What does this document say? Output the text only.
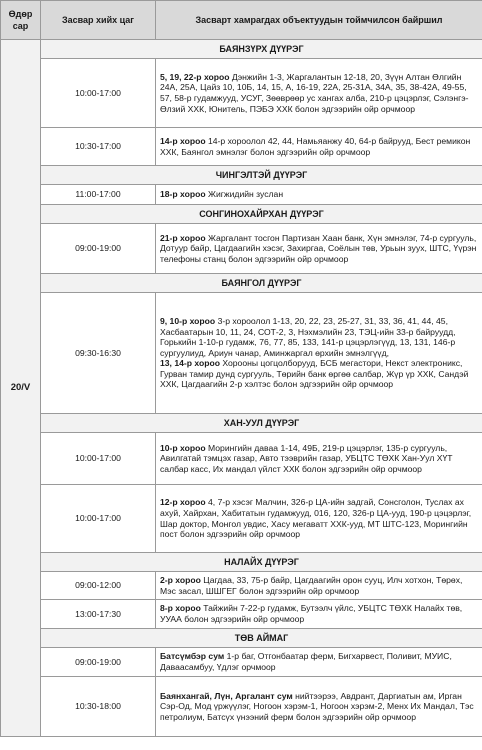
Өдөр
сар	Засвар хийх цаг	Засварт хамрагдах объектуудын тоймчилсон байршил
20/V	БАЯНЗҮРХ ДҮҮРЭГ	
	10:00-17:00	5, 19, 22-р хороо Дэнжийн 1-3, Жаргалантын 12-18, 20, Зүүн Алтан Өлгийн 24А, 25А, Цайз 10, 10Б, 14, 15, А, 16-19, 22А, 25-31А, 34А, 35, 38-42А, 49-55, 57, 58-р гудамжууд, УСУГ, Зөөврөөр ус хангах алба, 210-р цэцэрлэг, Сэлэнгэ-Өлзий ХХК, Юнитель, ПЭБЭ ХХК болон эдгээрийн ойр орчмоор
	10:30-17:00	14-р хороо 14-р хороолол 42, 44, Намьяанжу 40, 64-р байрууд, Бест ремикон ХХК, Баянгол эмнэлэг болон эдгээрийн ойр орчмоор
	ЧИНГЭЛТЭЙ ДҮҮРЭГ	
	11:00-17:00	18-р хороо Жигжидийн зуслан
	СОНГИНОХАЙРХАН ДҮҮРЭГ	
	09:00-19:00	21-р хороо Жаргалант тосгон Партизан Хаан банк, Хүн эмнэлэг, 74-р сургууль, Дотуур байр, Цагдаагийн хэсэг, Захиргаа, Соёлын төв, Урьын зуух, ШТС, Үүрэн телефоны станц болон эдгээрийн ойр орчмоор
	БАЯНГОЛ ДҮҮРЭГ	
	09:30-16:30	9, 10-р хороо 3-р хороолол 1-13, 20, 22, 23, 25-27, 31, 33, 36, 41, 44, 45, Хасбаатарын 10, 11, 24, СОТ-2, 3, Нэхмэлийн 23, ТЭЦ-ийн 33-р байруудд, Горькийн 1-10-р гудамж, 76, 77, 85, 133, 141-р цэцэрлэгүүд, 13, 131, 146-р сургуулиуд, Ариун чанар, Аминжаргал өрхийн эмнэлгүүд,
13, 14-р хороо Хорооны цогцолборууд, БСБ мегастори, Некст электроникс, Гурван тамир дунд сургууль, Төрийн банк өргөө салбар, Жүр үр ХХК, Сандэй ХХК, Цагдаагийн 2-р хэлтэс болон эдгээрийн ойр орчмоор
	ХАН-УУЛ ДҮҮРЭГ	
	10:00-17:00	10-р хороо Морингийн даваа 1-14, 49Б, 219-р цэцэрлэг, 135-р сургууль, Авилгатай тэмцэх газар, Авто тээврийн газар, УБЦТС ТӨХК Хан-Уул ХҮТ салбар касс, Их мандал үйлст ХХК болон эдгээрийн ойр орчмоор
	10:00-17:00	12-р хороо 4, 7-р хэсэг Малчин, 326-р ЦА-ийн задгай, Сонсголон, Туслах ах ахуй, Хайрхан, Хабитатын гудамжууд, 016, 120, 326-р ЦА-ууд, 190-р цэцэрлэг, Шар доктор, Монгол увдис, Хасу мегаватт ХХК-ууд, МТ ШТС-123, Морингийн пост болон эдгээрийн ойр орчмоор
	НАЛАЙХ ДҮҮРЭГ	
	09:00-12:00	2-р хороо Цагдаа, 33, 75-р байр, Цагдаагийн орон сууц, Илч хотхон, Төрөх, Мэс засал, ШШГЕГ болон эдгээрийн ойр орчмоор
	13:00-17:30	8-р хороо Тайжийн 7-22-р гудамж, Бутээлч үйлс, УБЦТС ТӨХК Налайх төв, УУАА болон эдгээрийн ойр орчмоор
	ТӨВ АЙМАГ	
	09:00-19:00	Батсүмбэр сум 1-р баг, Отгонбаатар ферм, Бигхарвест, Поливит, МУИС, Даваасамбуу, Үдлэг орчмоор
	10:30-18:00	Баянхангай, Лүн, Аргалант сум нийтээрээ, Авдрант, Даргиатын ам, Ирган Сэр-Од, Мод үржүүлэг, Ногоон хэрэм-1, Ногоон хэрэм-2, Менх Их Мандал, Тэс петролиум, Батсүх үнээний ферм болон эдгээрийн ойр орчмоор
